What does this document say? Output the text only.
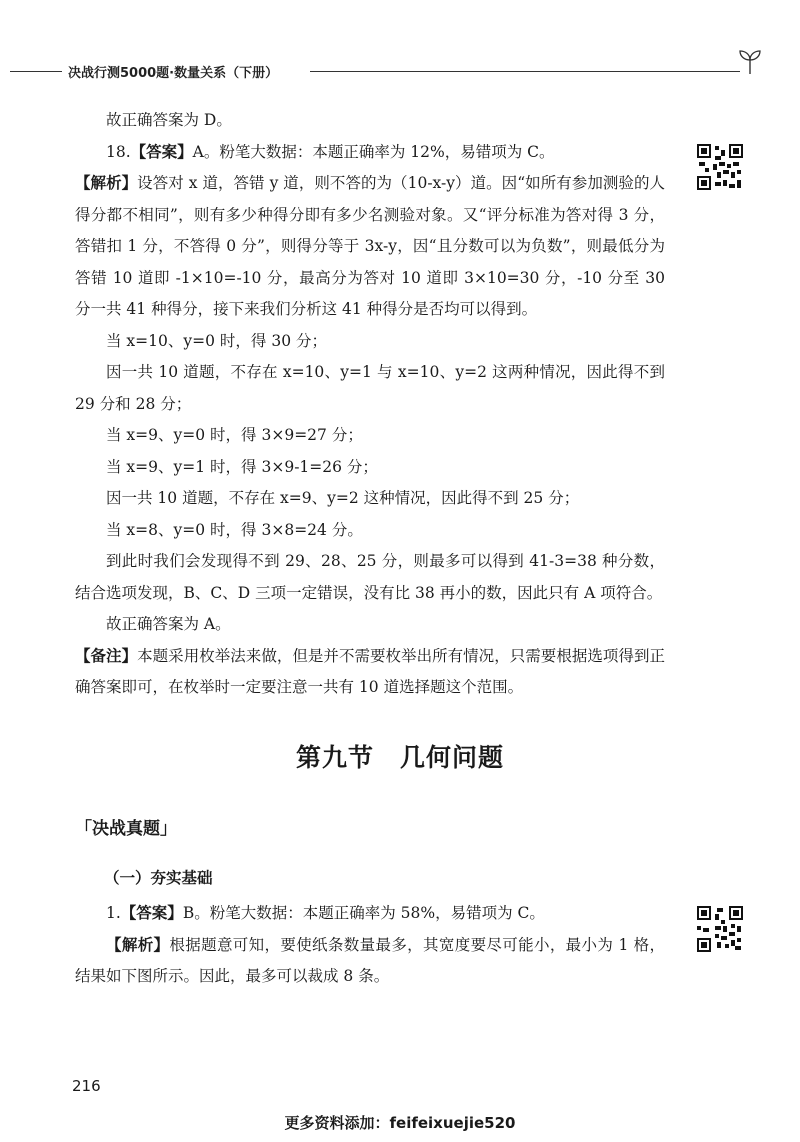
决战行测5000题·数量关系（下册）

故正确答案为 D。

18.【答案】A。粉笔大数据：本题正确率为 12%，易错项为 C。

【解析】设答对 x 道，答错 y 道，则不答的为（10-x-y）道。因“如所有参加测验的人得分都不相同”，则有多少种得分即有多少名测验对象。又“评分标准为答对得 3 分，答错扣 1 分，不答得 0 分”，则得分等于 3x-y，因“且分数可以为负数”，则最低分为答错 10 道即 -1×10=-10 分，最高分为答对 10 道即 3×10=30 分，-10 分至 30 分一共 41 种得分，接下来我们分析这 41 种得分是否均可以得到。

当 x=10、y=0 时，得 30 分；

因一共 10 道题，不存在 x=10、y=1 与 x=10、y=2 这两种情况，因此得不到 29 分和 28 分；

当 x=9、y=0 时，得 3×9=27 分；

当 x=9、y=1 时，得 3×9-1=26 分；

因一共 10 道题，不存在 x=9、y=2 这种情况，因此得不到 25 分；

当 x=8、y=0 时，得 3×8=24 分。

到此时我们会发现得不到 29、28、25 分，则最多可以得到 41-3=38 种分数，结合选项发现，B、C、D 三项一定错误，没有比 38 再小的数，因此只有 A 项符合。

故正确答案为 A。

【备注】本题采用枚举法来做，但是并不需要枚举出所有情况，只需要根据选项得到正确答案即可，在枚举时一定要注意一共有 10 道选择题这个范围。

第九节　几何问题
「决战真题」
（一）夯实基础

1.【答案】B。粉笔大数据：本题正确率为 58%，易错项为 C。

【解析】根据题意可知，要使纸条数量最多，其宽度要尽可能小，最小为 1 格，结果如下图所示。因此，最多可以裁成 8 条。

216
更多资料添加：feifeixuejie520
